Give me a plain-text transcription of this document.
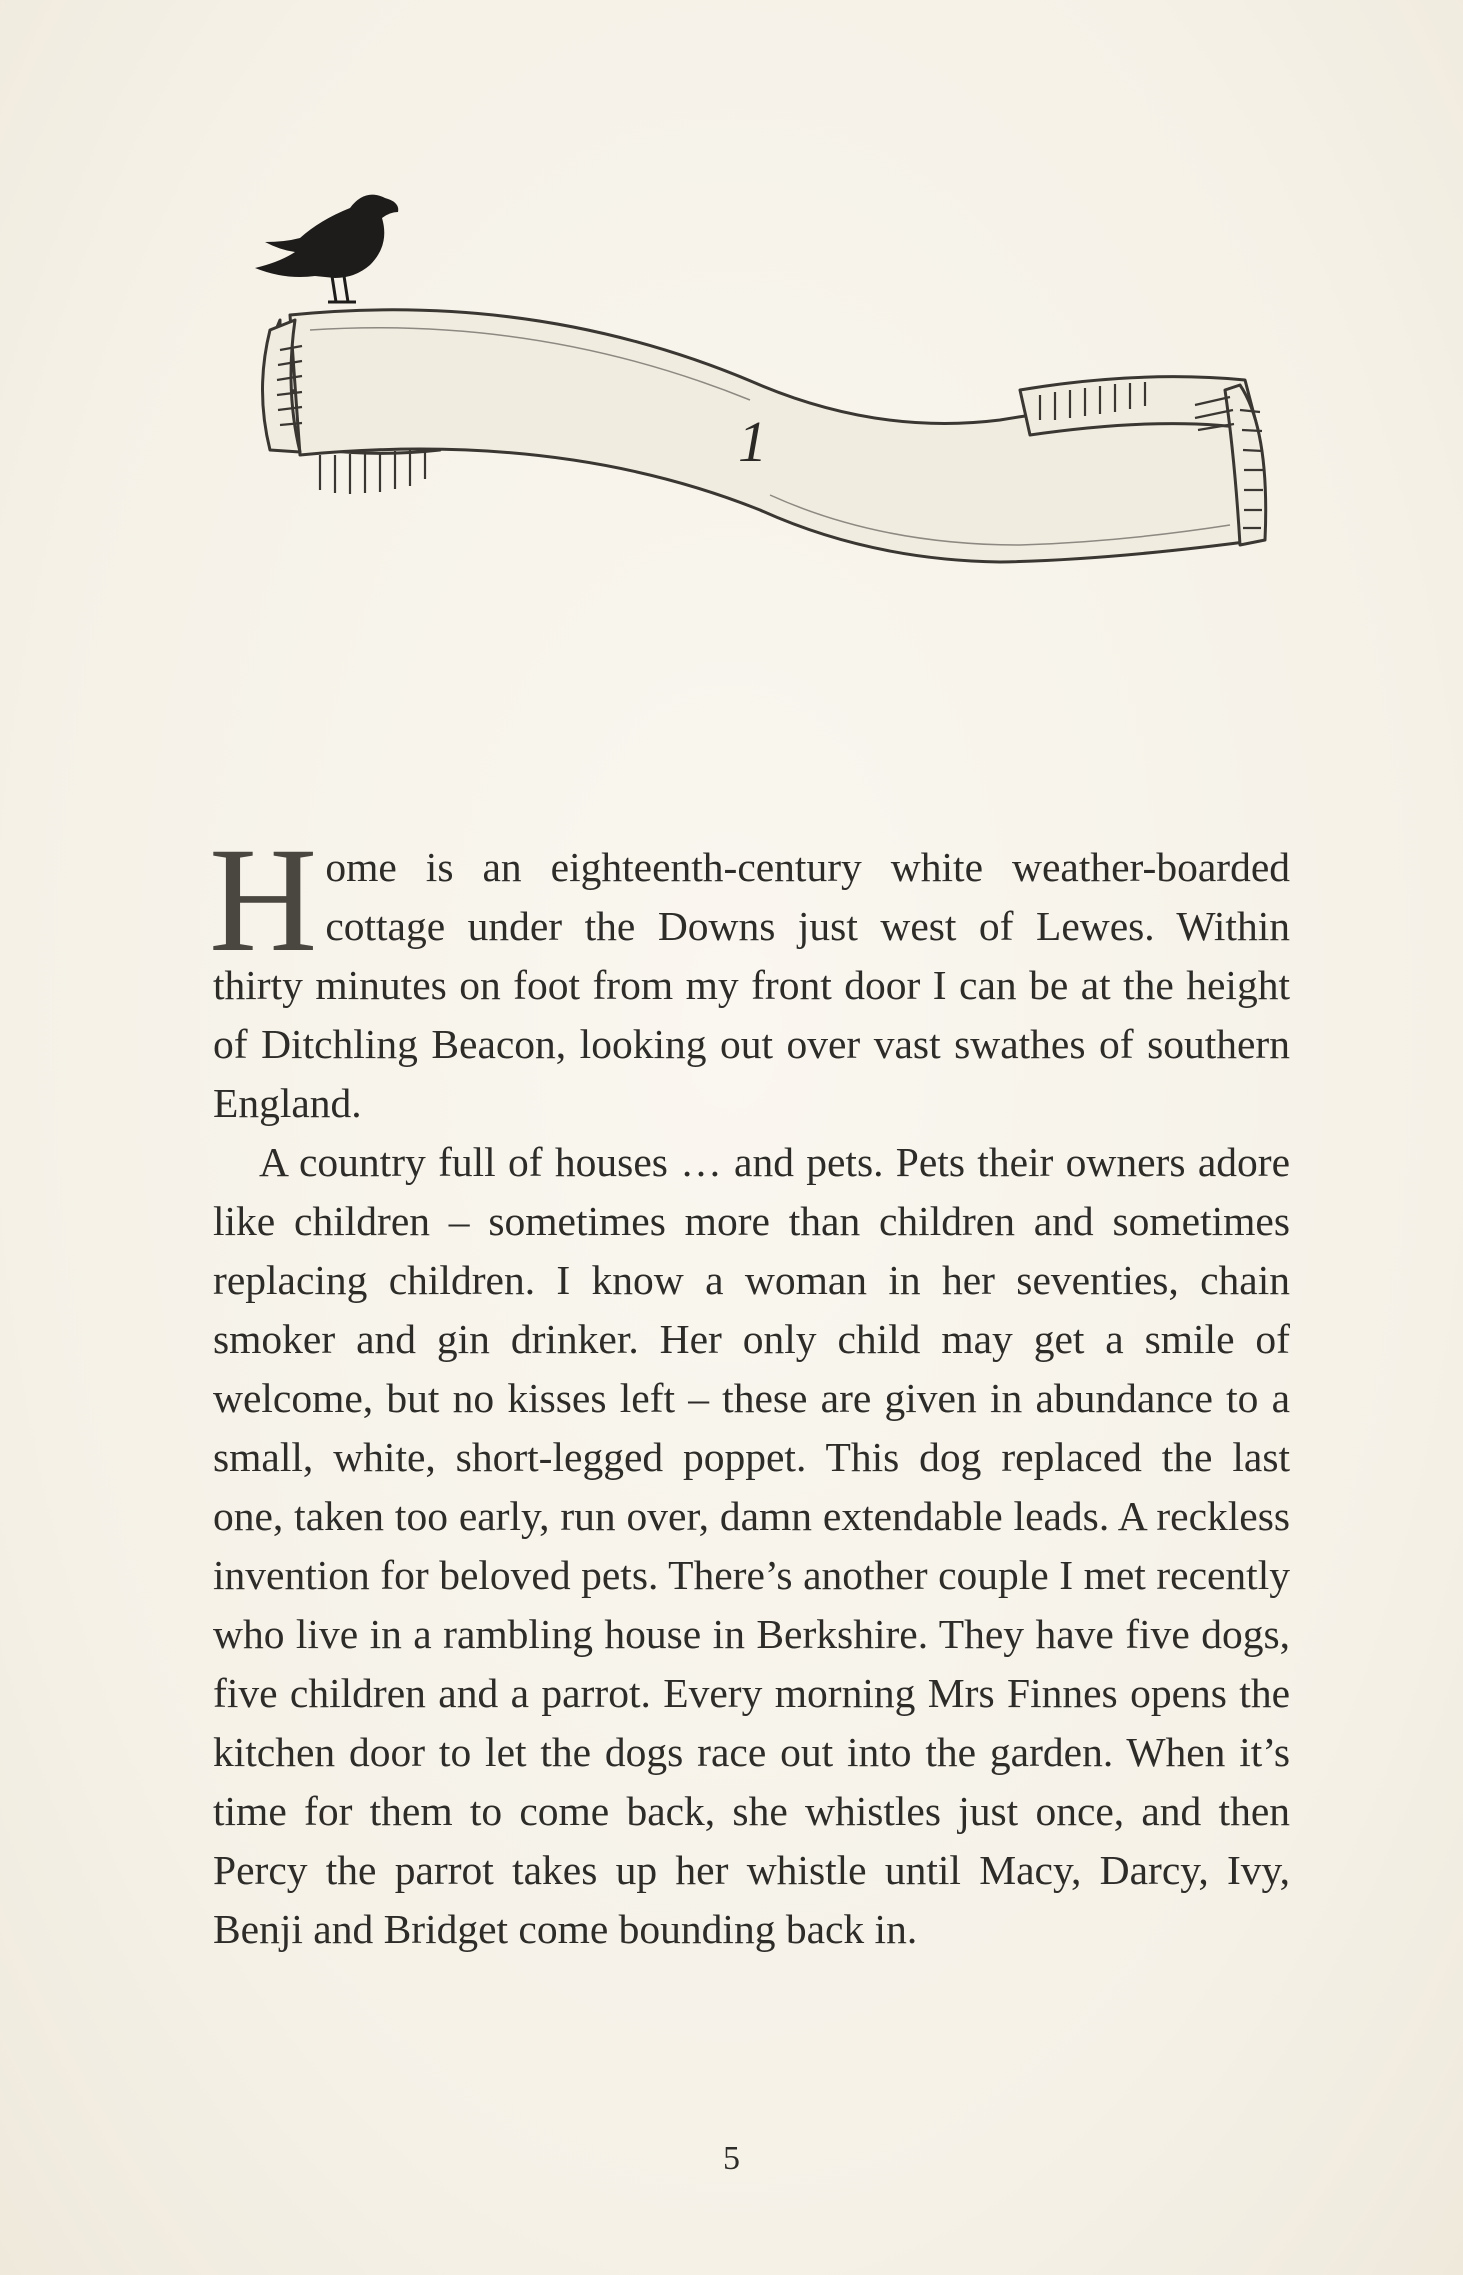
1

Home is an eighteenth-century white weather-boarded cottage under the Downs just west of Lewes. Within thirty minutes on foot from my front door I can be at the height of Ditchling Beacon, looking out over vast swathes of southern England.

A country full of houses … and pets. Pets their owners adore like children – sometimes more than children and sometimes replacing children. I know a woman in her seventies, chain smoker and gin drinker. Her only child may get a smile of welcome, but no kisses left – these are given in abundance to a small, white, short-legged poppet. This dog replaced the last one, taken too early, run over, damn extendable leads. A reckless invention for beloved pets. There’s another couple I met recently who live in a rambling house in Berkshire. They have five dogs, five children and a parrot. Every morning Mrs Finnes opens the kitchen door to let the dogs race out into the garden. When it’s time for them to come back, she whistles just once, and then Percy the parrot takes up her whistle until Macy, Darcy, Ivy, Benji and Bridget come bounding back in.

5
